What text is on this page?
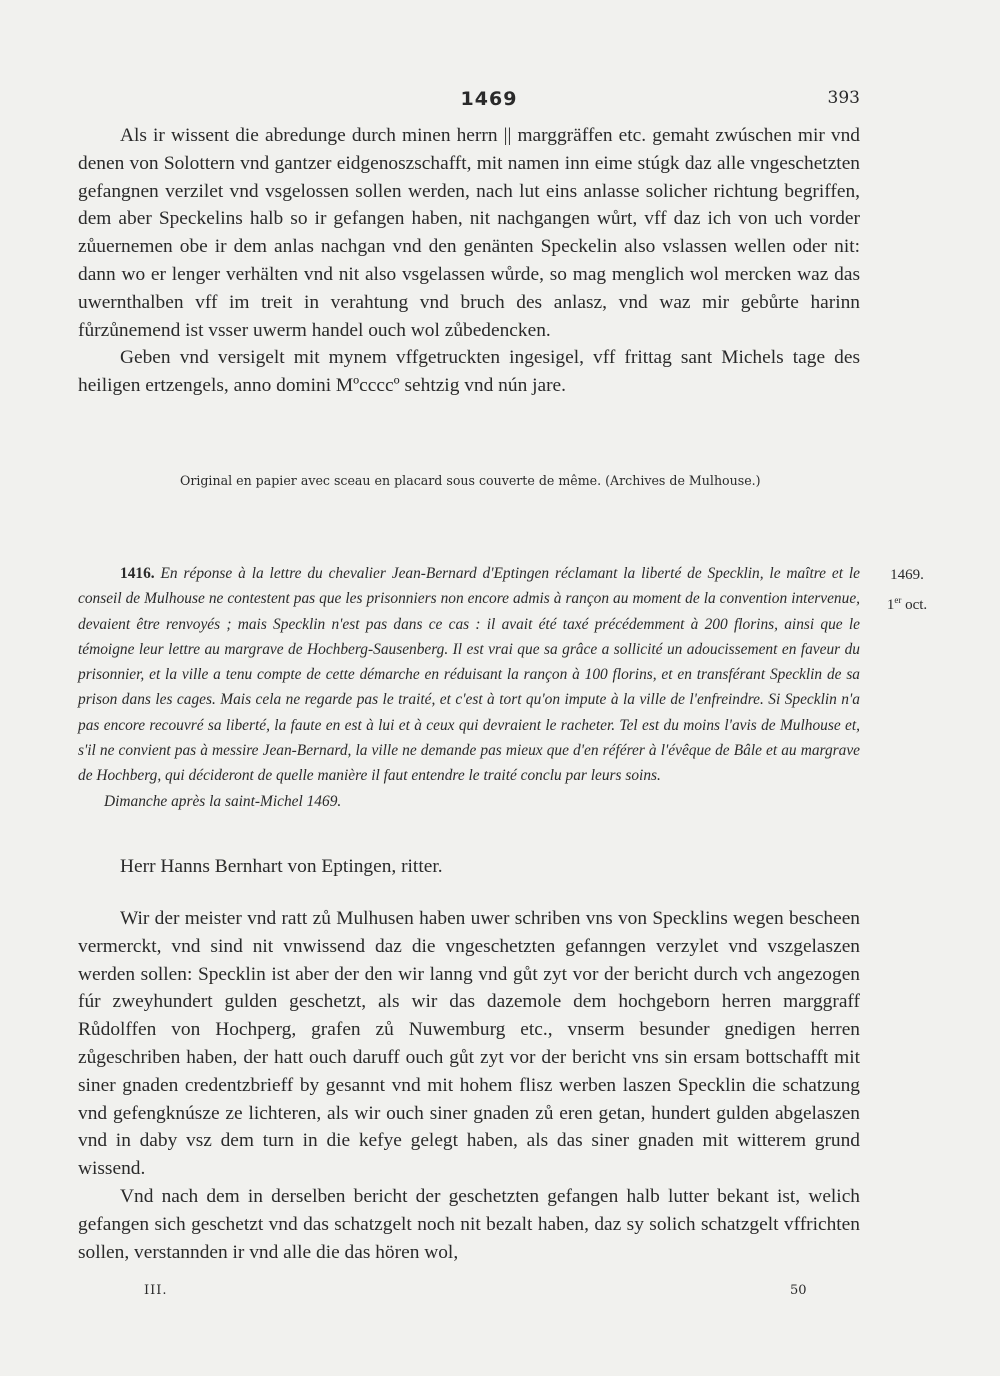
1469	393

Als ir wissent die abredunge durch minen herrn || marggräffen etc. gemaht zwúschen mir vnd denen von Solottern vnd gantzer eidgenoszschafft, mit namen inn eime stúgk daz alle vngeschetzten gefangnen verzilet vnd vsgelossen sollen werden, nach lut eins anlasse solicher richtung begriffen, dem aber Speckelins halb so ir gefangen haben, nit nachgangen wůrt, vff daz ich von uch vorder zůuernemen obe ir dem anlas nachgan vnd den genänten Speckelin also vslassen wellen oder nit: dann wo er lenger verhälten vnd nit also vsgelassen wůrde, so mag menglich wol mercken waz das uwernthalben vff im treit in verahtung vnd bruch des anlasz, vnd waz mir gebůrte harinn fůrzůnemend ist vsser uwerm handel ouch wol zůbedencken.

Geben vnd versigelt mit mynem vffgetruckten ingesigel, vff frittag sant Michels tage des heiligen ertzengels, anno domini Mºccccº sehtzig vnd nún jare.

Original en papier avec sceau en placard sous couverte de même. (Archives de Mulhouse.)

1416. En réponse à la lettre du chevalier Jean-Bernard d'Eptingen réclamant la liberté de Specklin, le maître et le conseil de Mulhouse ne contestent pas que les prisonniers non encore admis à rançon au moment de la convention intervenue, devaient être renvoyés ; mais Specklin n'est pas dans ce cas : il avait été taxé précédemment à 200 florins, ainsi que le témoigne leur lettre au margrave de Hochberg-Sausenberg. Il est vrai que sa grâce a sollicité un adoucissement en faveur du prisonnier, et la ville a tenu compte de cette démarche en réduisant la rançon à 100 florins, et en transférant Specklin de sa prison dans les cages. Mais cela ne regarde pas le traité, et c'est à tort qu'on impute à la ville de l'enfreindre. Si Specklin n'a pas encore recouvré sa liberté, la faute en est à lui et à ceux qui devraient le racheter. Tel est du moins l'avis de Mulhouse et, s'il ne convient pas à messire Jean-Bernard, la ville ne demande pas mieux que d'en référer à l'évêque de Bâle et au margrave de Hochberg, qui décideront de quelle manière il faut entendre le traité conclu par leurs soins.

Dimanche après la saint-Michel 1469.

1469.
1er oct.
Herr Hanns Bernhart von Eptingen, ritter.

Wir der meister vnd ratt zů Mulhusen haben uwer schriben vns von Specklins wegen bescheen vermerckt, vnd sind nit vnwissend daz die vngeschetzten gefanngen verzylet vnd vszgelaszen werden sollen: Specklin ist aber der den wir lanng vnd gůt zyt vor der bericht durch vch angezogen fúr zweyhundert gulden geschetzt, als wir das dazemole dem hochgeborn herren marggraff Růdolffen von Hochperg, grafen zů Nuwemburg etc., vnserm besunder gnedigen herren zůgeschriben haben, der hatt ouch daruff ouch gůt zyt vor der bericht vns sin ersam bottschafft mit siner gnaden credentzbrieff by gesannt vnd mit hohem flisz werben laszen Specklin die schatzung vnd gefengknúsze ze lichteren, als wir ouch siner gnaden zů eren getan, hundert gulden abgelaszen vnd in daby vsz dem turn in die kefye gelegt haben, als das siner gnaden mit witterem grund wissend.

Vnd nach dem in derselben bericht der geschetzten gefangen halb lutter bekant ist, welich gefangen sich geschetzt vnd das schatzgelt noch nit bezalt haben, daz sy solich schatzgelt vffrichten sollen, verstannden ir vnd alle die das hören wol,

III.	50
